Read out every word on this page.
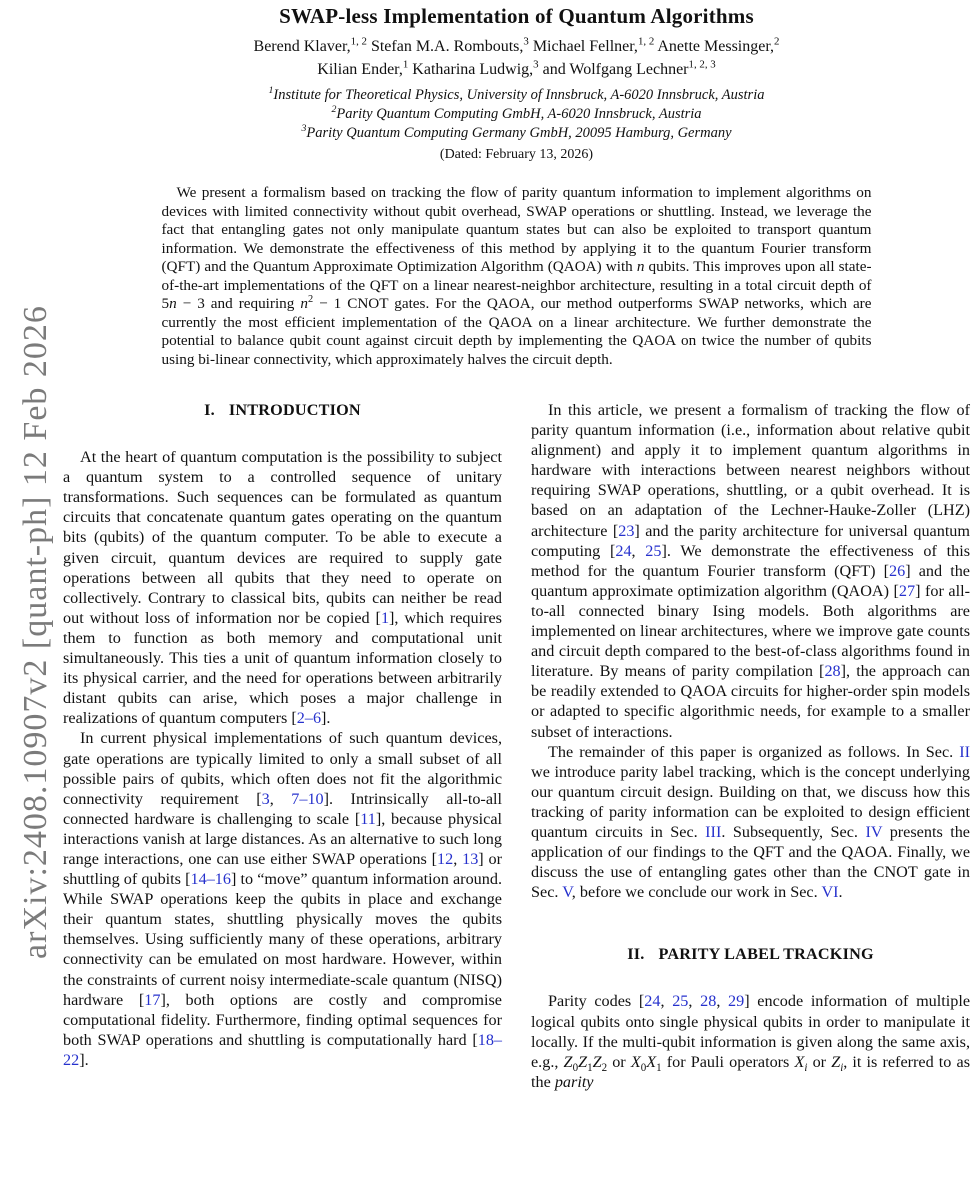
arXiv:2408.10907v2 [quant-ph] 12 Feb 2026
SWAP-less Implementation of Quantum Algorithms
Berend Klaver,$^{1, 2}$ Stefan M.A. Rombouts,$^3$ Michael Fellner,$^{1, 2}$ Anette Messinger,$^2$
Kilian Ender,$^1$ Katharina Ludwig,$^3$ and Wolfgang Lechner$^{1, 2, 3}$
$^1$Institute for Theoretical Physics, University of Innsbruck, A-6020 Innsbruck, Austria
$^2$Parity Quantum Computing GmbH, A-6020 Innsbruck, Austria
$^3$Parity Quantum Computing Germany GmbH, 20095 Hamburg, Germany
(Dated: February 13, 2026)

We present a formalism based on tracking the flow of parity quantum information to implement algorithms on devices with limited connectivity without qubit overhead, SWAP operations or shuttling. Instead, we leverage the fact that entangling gates not only manipulate quantum states but can also be exploited to transport quantum information. We demonstrate the effectiveness of this method by applying it to the quantum Fourier transform (QFT) and the Quantum Approximate Optimization Algorithm (QAOA) with n qubits. This improves upon all state-of-the-art implementations of the QFT on a linear nearest-neighbor architecture, resulting in a total circuit depth of 5n − 3 and requiring $n^2 - 1$ CNOT gates. For the QAOA, our method outperforms SWAP networks, which are currently the most efficient implementation of the QAOA on a linear architecture. We further demonstrate the potential to balance qubit count against circuit depth by implementing the QAOA on twice the number of qubits using bi-linear connectivity, which approximately halves the circuit depth.

I. INTRODUCTION

At the heart of quantum computation is the possibility to subject a quantum system to a controlled sequence of unitary transformations. Such sequences can be formulated as quantum circuits that concatenate quantum gates operating on the quantum bits (qubits) of the quantum computer. To be able to execute a given circuit, quantum devices are required to supply gate operations between all qubits that they need to operate on collectively. Contrary to classical bits, qubits can neither be read out without loss of information nor be copied [1], which requires them to function as both memory and computational unit simultaneously. This ties a unit of quantum information closely to its physical carrier, and the need for operations between arbitrarily distant qubits can arise, which poses a major challenge in realizations of quantum computers [2–6].

In current physical implementations of such quantum devices, gate operations are typically limited to only a small subset of all possible pairs of qubits, which often does not fit the algorithmic connectivity requirement [3, 7–10]. Intrinsically all-to-all connected hardware is challenging to scale [11], because physical interactions vanish at large distances. As an alternative to such long range interactions, one can use either SWAP operations [12, 13] or shuttling of qubits [14–16] to “move” quantum information around. While SWAP operations keep the qubits in place and exchange their quantum states, shuttling physically moves the qubits themselves. Using sufficiently many of these operations, arbitrary connectivity can be emulated on most hardware. However, within the constraints of current noisy intermediate-scale quantum (NISQ) hardware [17], both options are costly and compromise computational fidelity. Furthermore, finding optimal sequences for both SWAP operations and shuttling is computationally hard [18–22].

In this article, we present a formalism of tracking the flow of parity quantum information (i.e., information about relative qubit alignment) and apply it to implement quantum algorithms in hardware with interactions between nearest neighbors without requiring SWAP operations, shuttling, or a qubit overhead. It is based on an adaptation of the Lechner-Hauke-Zoller (LHZ) architecture [23] and the parity architecture for universal quantum computing [24, 25]. We demonstrate the effectiveness of this method for the quantum Fourier transform (QFT) [26] and the quantum approximate optimization algorithm (QAOA) [27] for all-to-all connected binary Ising models. Both algorithms are implemented on linear architectures, where we improve gate counts and circuit depth compared to the best-of-class algorithms found in literature. By means of parity compilation [28], the approach can be readily extended to QAOA circuits for higher-order spin models or adapted to specific algorithmic needs, for example to a smaller subset of interactions.

The remainder of this paper is organized as follows. In Sec. II we introduce parity label tracking, which is the concept underlying our quantum circuit design. Building on that, we discuss how this tracking of parity information can be exploited to design efficient quantum circuits in Sec. III. Subsequently, Sec. IV presents the application of our findings to the QFT and the QAOA. Finally, we discuss the use of entangling gates other than the CNOT gate in Sec. V, before we conclude our work in Sec. VI.

II. PARITY LABEL TRACKING

Parity codes [24, 25, 28, 29] encode information of multiple logical qubits onto single physical qubits in order to manipulate it locally. If the multi-qubit information is given along the same axis, e.g., $Z_0Z_1Z_2$ or $X_0X_1$ for Pauli operators $X_i$ or $Z_i$, it is referred to as the parity
